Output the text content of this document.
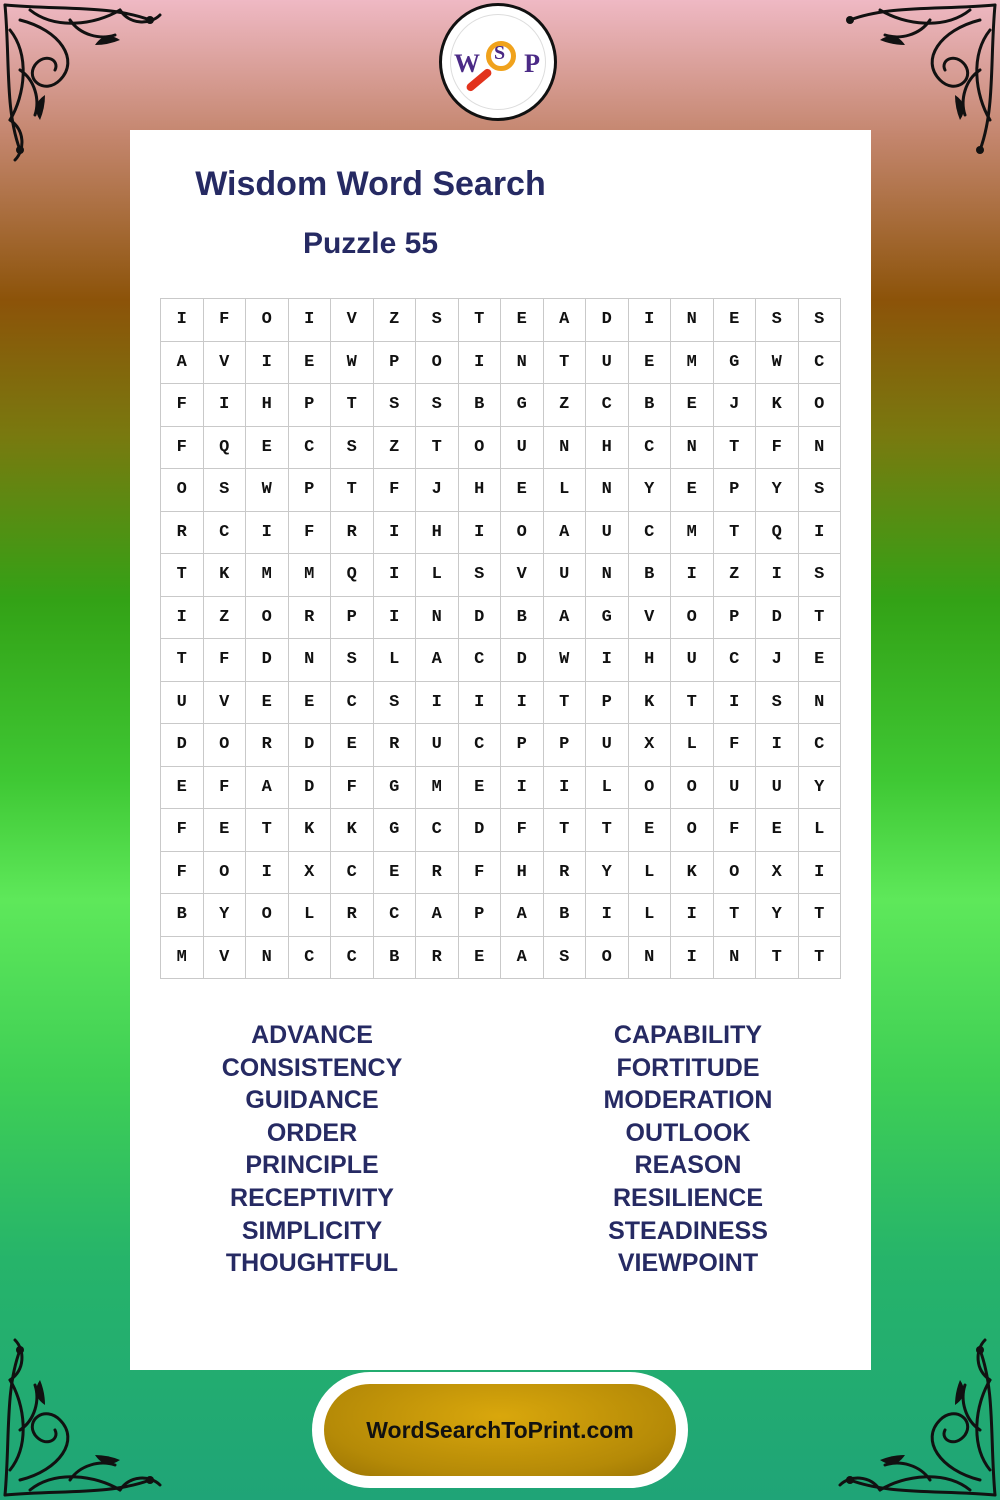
W S P
Wisdom Word Search
Puzzle 55
I	F	O	I	V	Z	S	T	E	A	D	I	N	E	S	S
A	V	I	E	W	P	O	I	N	T	U	E	M	G	W	C
F	I	H	P	T	S	S	B	G	Z	C	B	E	J	K	O
F	Q	E	C	S	Z	T	O	U	N	H	C	N	T	F	N
O	S	W	P	T	F	J	H	E	L	N	Y	E	P	Y	S
R	C	I	F	R	I	H	I	O	A	U	C	M	T	Q	I
T	K	M	M	Q	I	L	S	V	U	N	B	I	Z	I	S
I	Z	O	R	P	I	N	D	B	A	G	V	O	P	D	T
T	F	D	N	S	L	A	C	D	W	I	H	U	C	J	E
U	V	E	E	C	S	I	I	I	T	P	K	T	I	S	N
D	O	R	D	E	R	U	C	P	P	U	X	L	F	I	C
E	F	A	D	F	G	M	E	I	I	L	O	O	U	U	Y
F	E	T	K	K	G	C	D	F	T	T	E	O	F	E	L
F	O	I	X	C	E	R	F	H	R	Y	L	K	O	X	I
B	Y	O	L	R	C	A	P	A	B	I	L	I	T	Y	T
M	V	N	C	C	B	R	E	A	S	O	N	I	N	T	T
ADVANCE
CONSISTENCY
GUIDANCE
ORDER
PRINCIPLE
RECEPTIVITY
SIMPLICITY
THOUGHTFUL
CAPABILITY
FORTITUDE
MODERATION
OUTLOOK
REASON
RESILIENCE
STEADINESS
VIEWPOINT
WordSearchToPrint.com
